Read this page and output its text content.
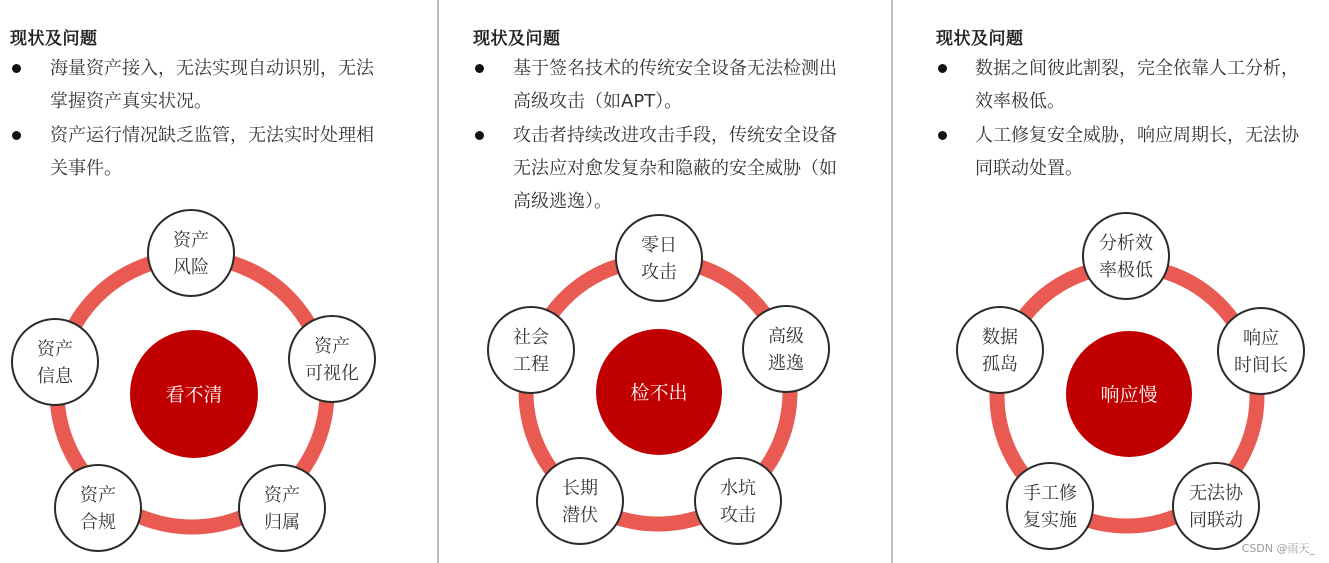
现状及问题
海量资产接入，无法实现自动识别，无法
掌握资产真实状况。
资产运行情况缺乏监管，无法实时处理相
关事件。
看不清
资产
风险
资产
可视化
资产
归属
资产
合规
资产
信息
现状及问题
基于签名技术的传统安全设备无法检测出
高级攻击（如APT）。
攻击者持续改进攻击手段，传统安全设备
无法应对愈发复杂和隐蔽的安全威胁（如
高级逃逸）。
检不出
零日
攻击
高级
逃逸
水坑
攻击
长期
潜伏
社会
工程
现状及问题
数据之间彼此割裂，完全依靠人工分析，
效率极低。
人工修复安全威胁，响应周期长，无法协
同联动处置。
响应慢
分析效
率极低
响应
时间长
无法协
同联动
手工修
复实施
数据
孤岛
CSDN @雨天_
